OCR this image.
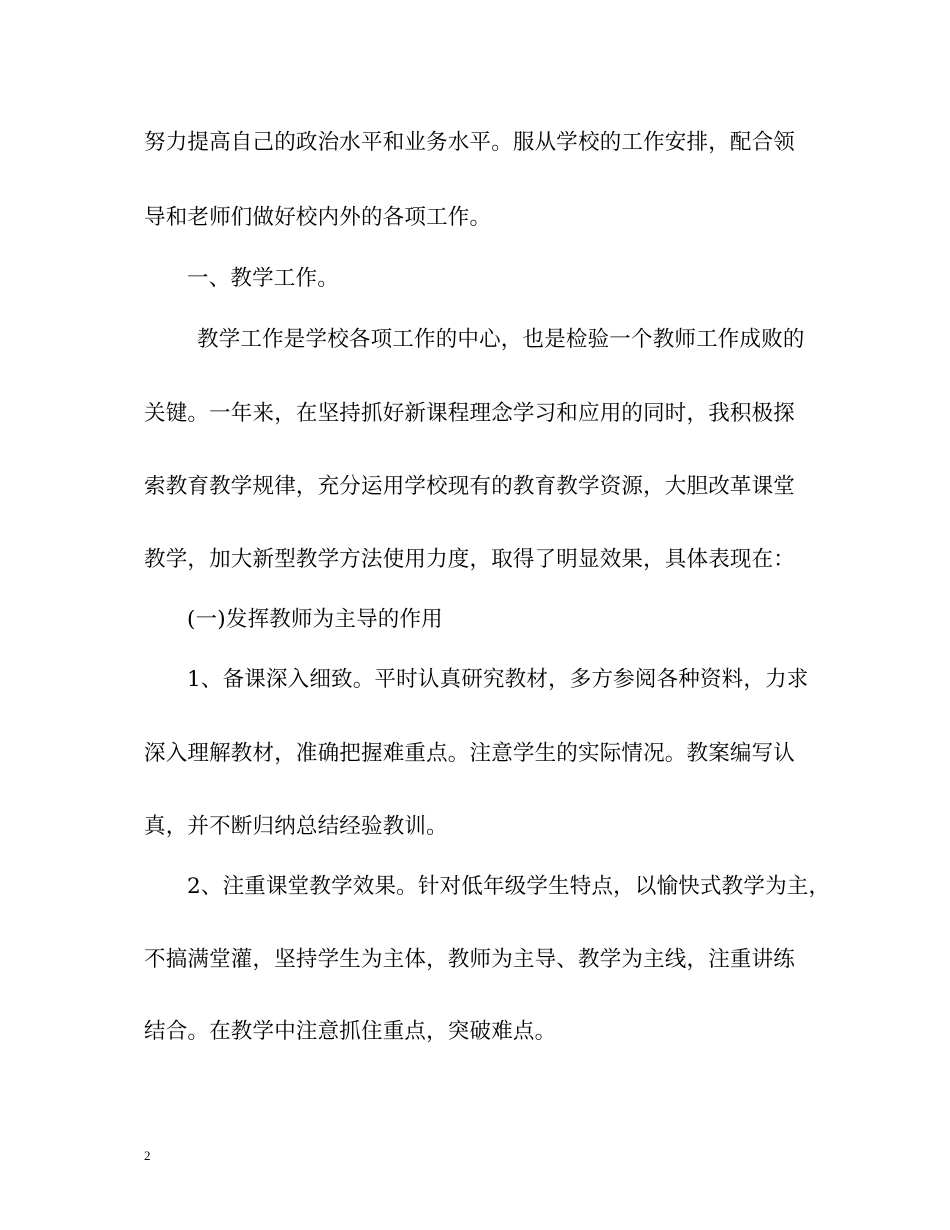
努力提高自己的政治水平和业务水平。服从学校的工作安排，配合领
导和老师们做好校内外的各项工作。
一、教学工作。
教学工作是学校各项工作的中心，也是检验一个教师工作成败的
关键。一年来，在坚持抓好新课程理念学习和应用的同时，我积极探
索教育教学规律，充分运用学校现有的教育教学资源，大胆改革课堂
教学，加大新型教学方法使用力度，取得了明显效果，具体表现在：
(一)发挥教师为主导的作用
1、备课深入细致。平时认真研究教材，多方参阅各种资料，力求
深入理解教材，准确把握难重点。注意学生的实际情况。教案编写认
真，并不断归纳总结经验教训。
2、注重课堂教学效果。针对低年级学生特点，以愉快式教学为主，
不搞满堂灌，坚持学生为主体，教师为主导、教学为主线，注重讲练
结合。在教学中注意抓住重点，突破难点。
2
